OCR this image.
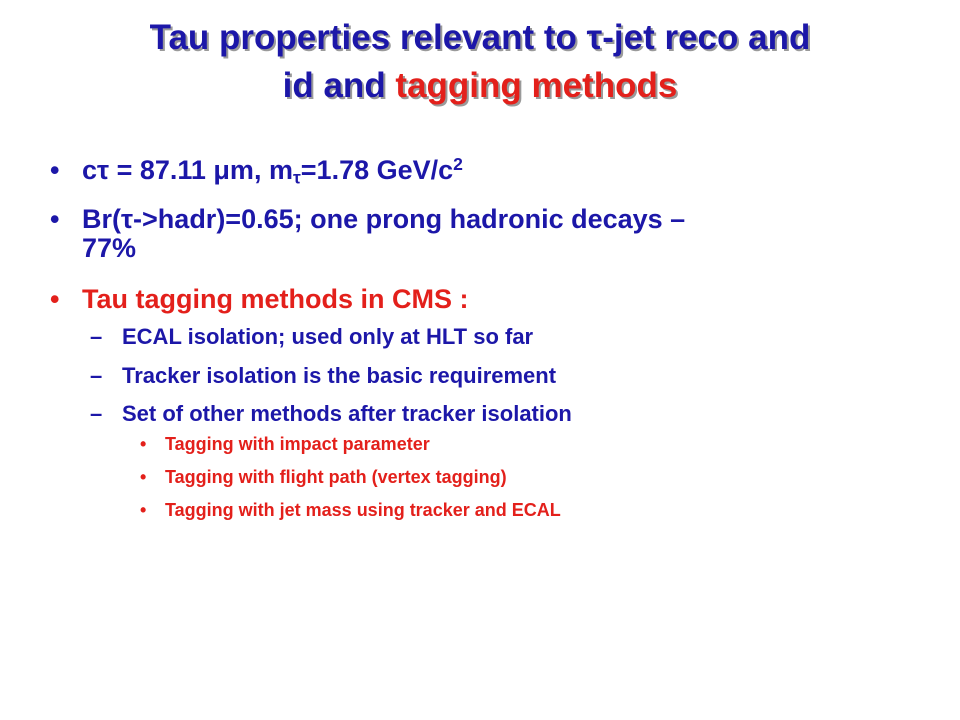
Tau properties relevant to τ-jet reco and
id and tagging methods
• cτ = 87.11 μm, $m_\tau=1.78$ GeV/$c^2$
• Br(τ->hadr)=0.65; one prong hadronic decays –
77%
• Tau tagging methods in CMS :
– ECAL isolation; used only at HLT so far
– Tracker isolation is the basic requirement
– Set of other methods after tracker isolation
• Tagging with impact parameter
• Tagging with flight path (vertex tagging)
• Tagging with jet mass using tracker and ECAL
